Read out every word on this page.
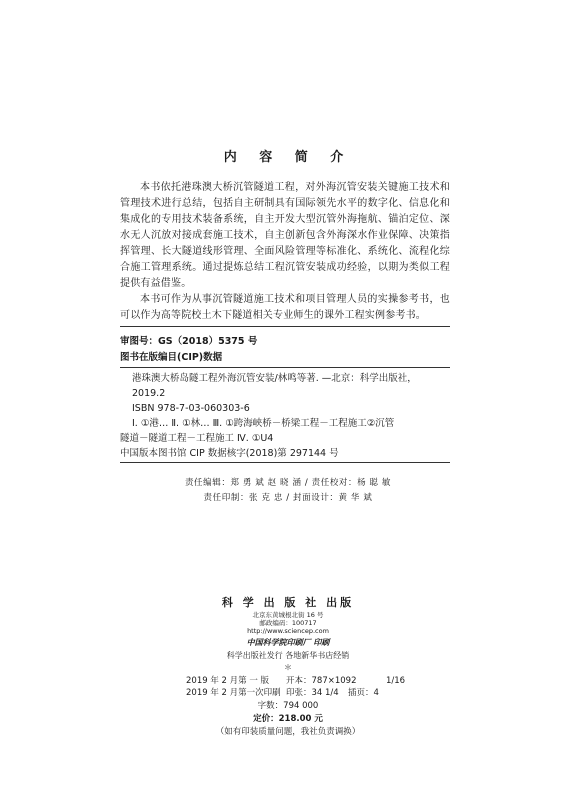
内 容 简 介

本书依托港珠澳大桥沉管隧道工程，对外海沉管安装关键施工技术和管理技术进行总结，包括自主研制具有国际领先水平的数字化、信息化和集成化的专用技术装备系统，自主开发大型沉管外海拖航、锚泊定位、深水无人沉放对接成套施工技术，自主创新包含外海深水作业保障、决策指挥管理、长大隧道线形管理、全面风险管理等标准化、系统化、流程化综合施工管理系统。通过提炼总结工程沉管安装成功经验，以期为类似工程提供有益借鉴。

本书可作为从事沉管隧道施工技术和项目管理人员的实操参考书，也可以作为高等院校土木下隧道相关专业师生的课外工程实例参考书。

审图号：GS（2018）5375 号
图书在版编目(CIP)数据
港珠澳大桥岛隧工程外海沉管安装/林鸣等著. —北京：科学出版社，
2019.2
ISBN 978-7-03-060303-6
Ⅰ. ①港… Ⅱ. ①林… Ⅲ. ①跨海峡桥－桥梁工程－工程施工②沉管
隧道－隧道工程－工程施工 Ⅳ. ①U4
中国版本图书馆 CIP 数据核字(2018)第 297144 号
责任编辑：郑 勇 斌 赵 晓 涵 / 责任校对：杨 聪 敏
责任印制：张 克 忠 / 封面设计：黄 华 斌
科 学 出 版 社 出版
北京东黄城根北街 16 号
邮政编码：100717
http://www.sciencep.com
中国科学院印刷厂 印刷
科学出版社发行 各地新华书店经销
＊
2019 年 2 月第 一 版	开本：787×1092	1/16
2019 年 2 月第一次印刷 印张：34 1/4	插页：4
字数：794 000
定价：218.00 元
（如有印装质量问题，我社负责调换）
